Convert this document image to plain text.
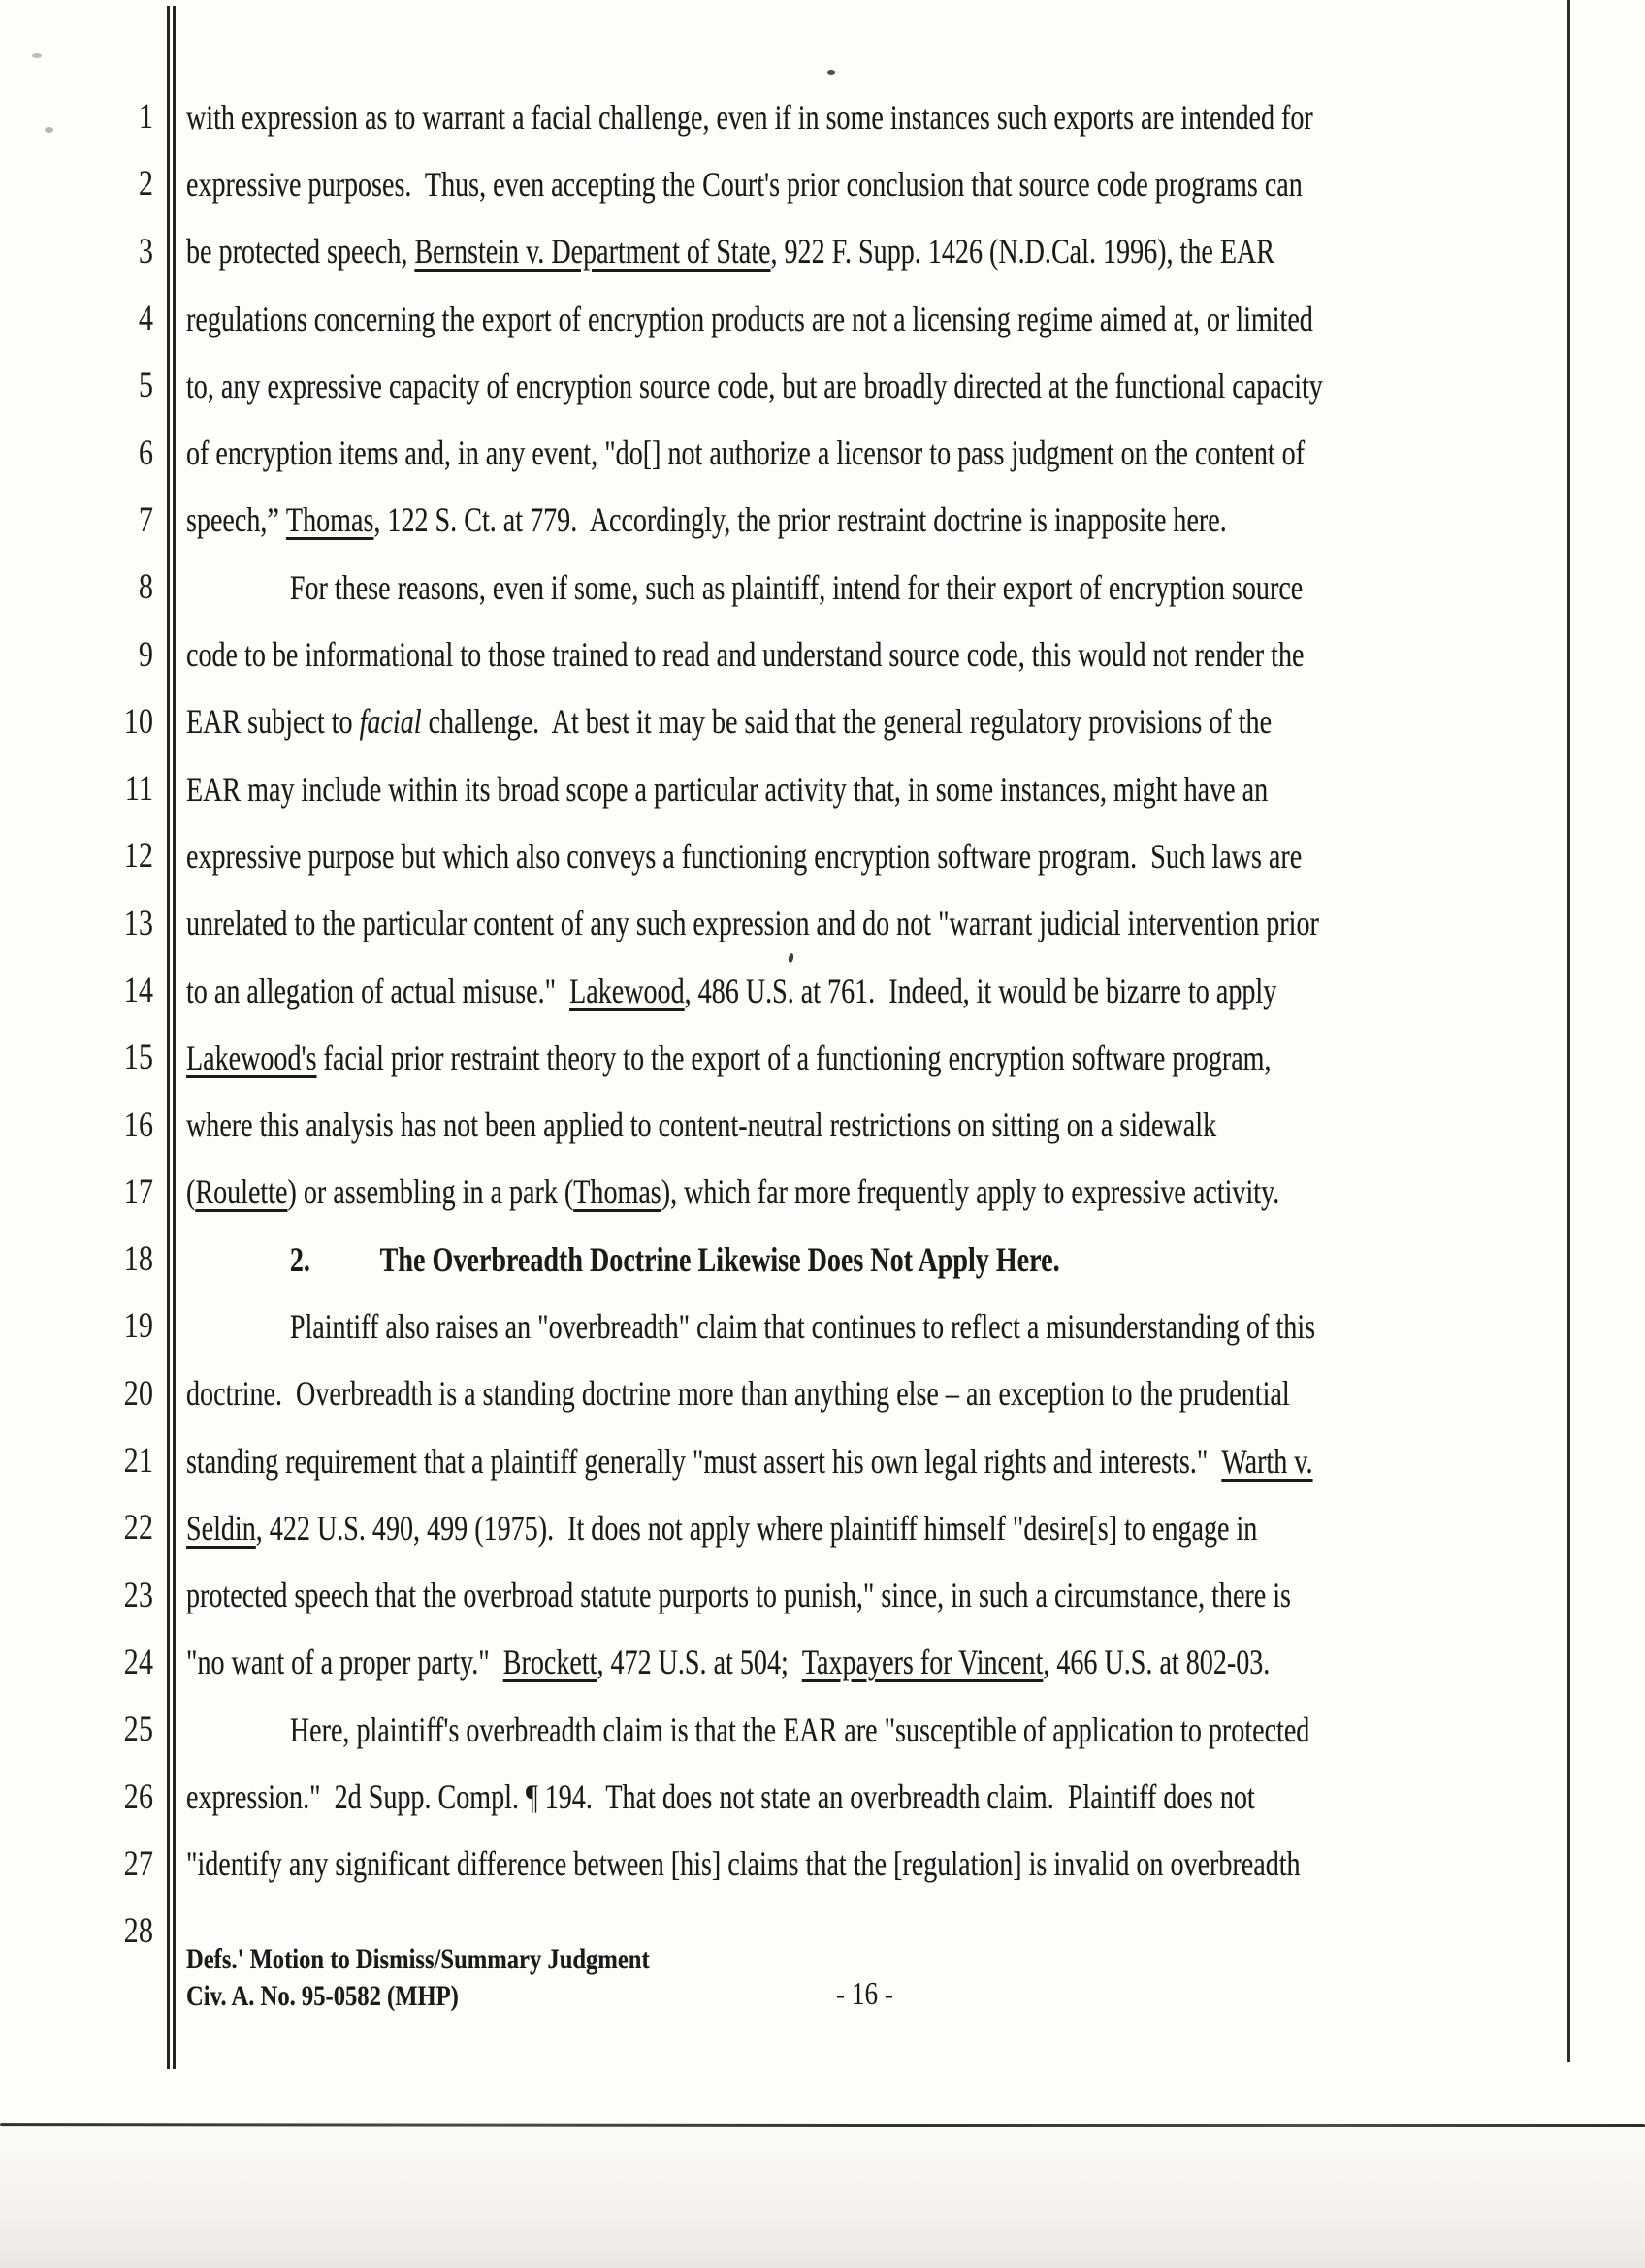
1
2
3
4
5
6
7
8
9
10
11
12
13
14
15
16
17
18
19
20
21
22
23
24
25
26
27
28
with expression as to warrant a facial challenge, even if in some instances such exports are intended for
expressive purposes.  Thus, even accepting the Court's prior conclusion that source code programs can
be protected speech, Bernstein v. Department of State , 922 F. Supp. 1426 (N.D.Cal. 1996), the EAR
regulations concerning the export of encryption products are not a licensing regime aimed at, or limited
to, any expressive capacity of encryption source code, but are broadly directed at the functional capacity
of encryption items and, in any event, "do[] not authorize a licensor to pass judgment on the content of
speech,” Thomas , 122 S. Ct. at 779.  Accordingly, the prior restraint doctrine is inapposite here.
For these reasons, even if some, such as plaintiff, intend for their export of encryption source
code to be informational to those trained to read and understand source code, this would not render the
EAR subject to facial challenge.  At best it may be said that the general regulatory provisions of the
EAR may include within its broad scope a particular activity that, in some instances, might have an
expressive purpose but which also conveys a functioning encryption software program.  Such laws are
unrelated to the particular content of any such expression and do not "warrant judicial intervention prior
to an allegation of actual misuse." Lakewood , 486 U.S. at 761.  Indeed, it would be bizarre to apply
Lakewood's facial prior restraint theory to the export of a functioning encryption software program,
where this analysis has not been applied to content-neutral restrictions on sitting on a sidewalk
( Roulette ) or assembling in a park ( Thomas ), which far more frequently apply to expressive activity.
2.	The Overbreadth Doctrine Likewise Does Not Apply Here.
Plaintiff also raises an "overbreadth" claim that continues to reflect a misunderstanding of this
doctrine.  Overbreadth is a standing doctrine more than anything else – an exception to the prudential
standing requirement that a plaintiff generally "must assert his own legal rights and interests." Warth v.
Seldin , 422 U.S. 490, 499 (1975).  It does not apply where plaintiff himself "desire[s] to engage in
protected speech that the overbroad statute purports to punish," since, in such a circumstance, there is
"no want of a proper party." Brockett , 472 U.S. at 504; Taxpayers for Vincent , 466 U.S. at 802-03.
Here, plaintiff's overbreadth claim is that the EAR are "susceptible of application to protected
expression."  2d Supp. Compl. ¶ 194.  That does not state an overbreadth claim.  Plaintiff does not
"identify any significant difference between [his] claims that the [regulation] is invalid on overbreadth
Defs.' Motion to Dismiss/Summary Judgment
Civ. A. No. 95-0582 (MHP)	- 16 -
